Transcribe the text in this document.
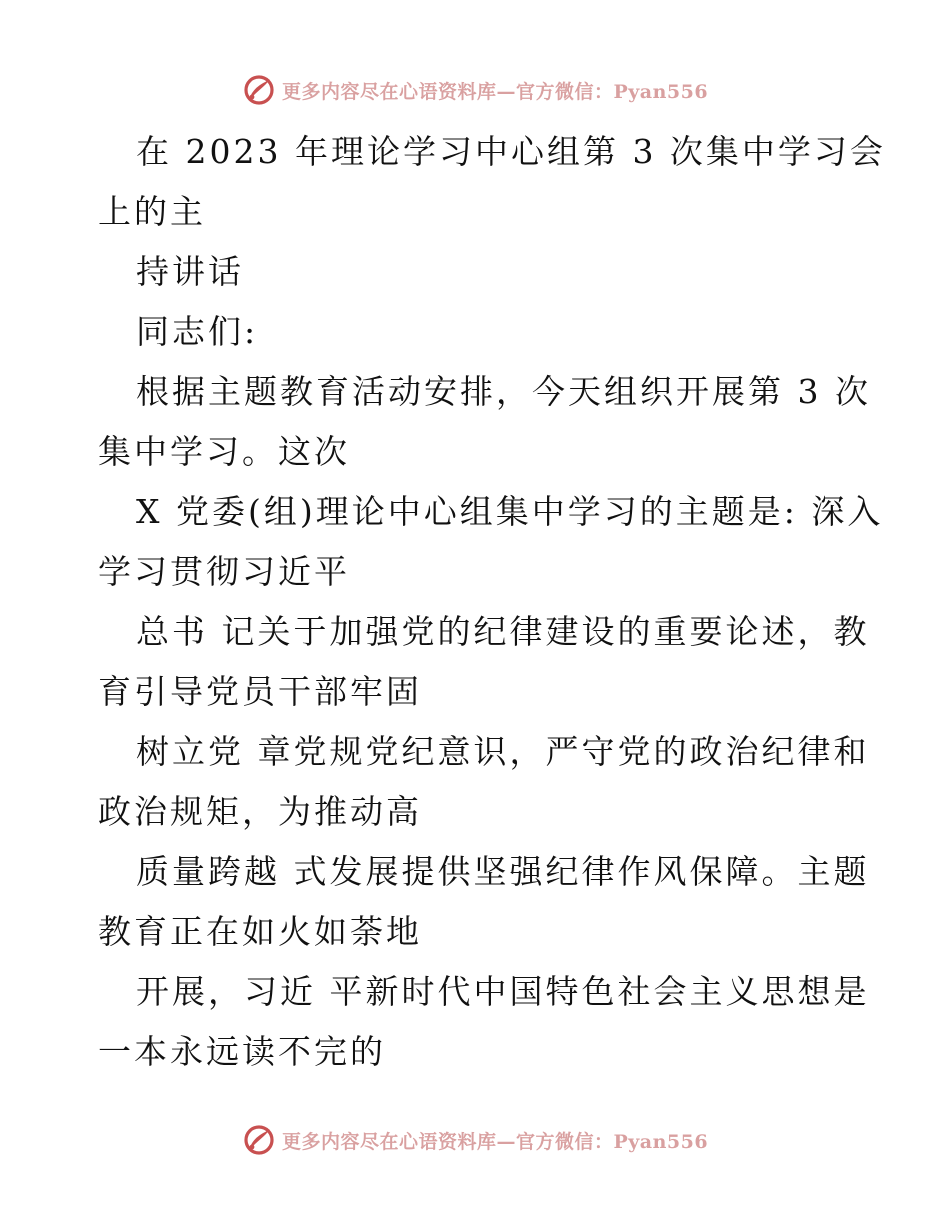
更多内容尽在心语资料库—官方微信：Pyan556
在 2023 年理论学习中心组第 3 次集中学习会
上的主
持讲话
同志们:
根据主题教育活动安排，今天组织开展第 3 次
集中学习。这次
X 党委(组)理论中心组集中学习的主题是: 深入
学习贯彻习近平
总书 记关于加强党的纪律建设的重要论述，教
育引导党员干部牢固
树立党 章党规党纪意识，严守党的政治纪律和
政治规矩，为推动高
质量跨越 式发展提供坚强纪律作风保障。主题
教育正在如火如荼地
开展，习近 平新时代中国特色社会主义思想是
一本永远读不完的
更多内容尽在心语资料库—官方微信：Pyan556
